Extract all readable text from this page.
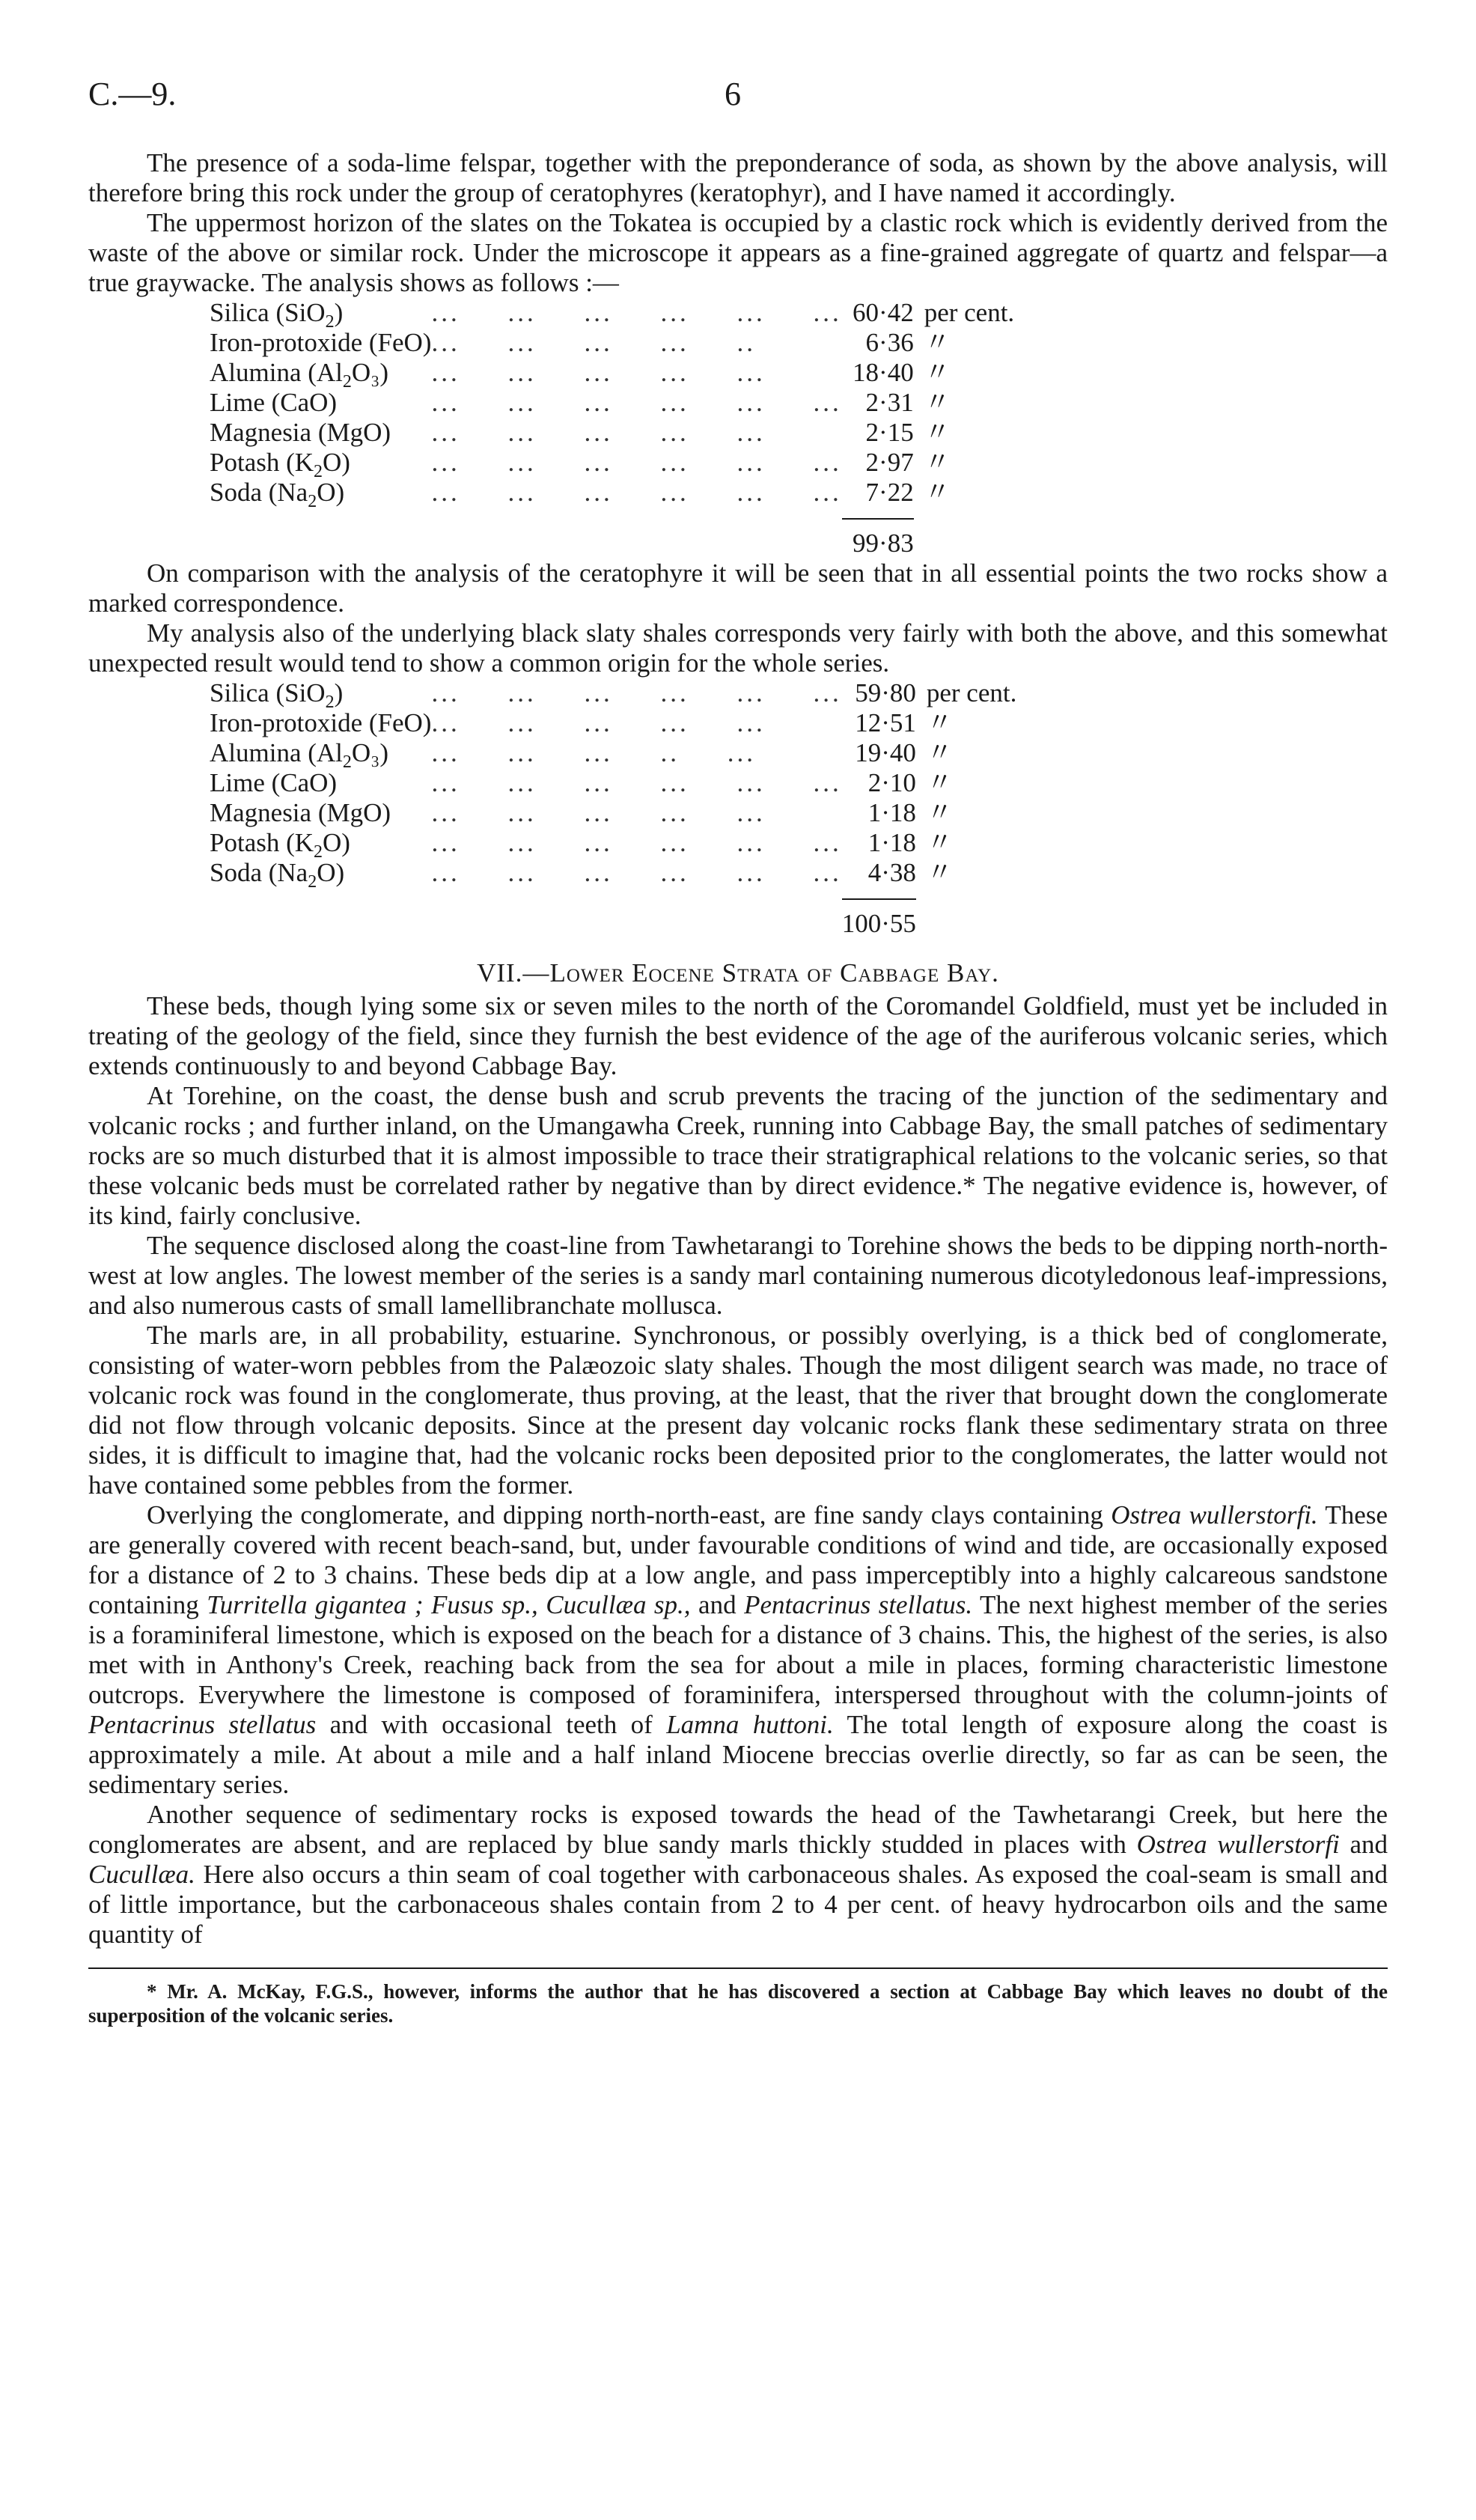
C.—9.	6

The presence of a soda-lime felspar, together with the preponderance of soda, as shown by the above analysis, will therefore bring this rock under the group of ceratophyres (keratophyr), and I have named it accordingly.

The uppermost horizon of the slates on the Tokatea is occupied by a clastic rock which is evidently derived from the waste of the above or similar rock. Under the microscope it appears as a fine-grained aggregate of quartz and felspar—a true graywacke. The analysis shows as follows :—

Silica (SiO$_2$)	...     ...     ...     ...     ...     ...	60·42	per cent.
Iron-protoxide (FeO)	...     ...     ...     ...     ..	6·36	〃
Alumina $(Al_2O_3)$	...     ...     ...     ...     ...	18·40	〃
Lime (CaO)	...     ...     ...     ...     ...     ...	2·31	〃
Magnesia (MgO)	...     ...     ...     ...     ...	2·15	〃
Potash $(K_2O)$	...     ...     ...     ...     ...     ...	2·97	〃
Soda $(Na_2O)$	...     ...     ...     ...     ...     ...	7·22	〃
		99·83	

On comparison with the analysis of the ceratophyre it will be seen that in all essential points the two rocks show a marked correspondence.

My analysis also of the underlying black slaty shales corresponds very fairly with both the above, and this somewhat unexpected result would tend to show a common origin for the whole series.

Silica (SiO$_2$)	...     ...     ...     ...     ...     ...	59·80	per cent.
Iron-protoxide (FeO)	...     ...     ...     ...     ...	12·51	〃
Alumina $(Al_2O_3)$	...     ...     ...     ..     ...	19·40	〃
Lime (CaO)	...     ...     ...     ...     ...     ...	2·10	〃
Magnesia (MgO)	...     ...     ...     ...     ...	1·18	〃
Potash $(K_2O)$	...     ...     ...     ...     ...     ...	1·18	〃
Soda $(Na_2O)$	...     ...     ...     ...     ...     ...	4·38	〃
		100·55	
VII.—Lower Eocene Strata of Cabbage Bay.

These beds, though lying some six or seven miles to the north of the Coromandel Goldfield, must yet be included in treating of the geology of the field, since they furnish the best evidence of the age of the auriferous volcanic series, which extends continuously to and beyond Cabbage Bay.

At Torehine, on the coast, the dense bush and scrub prevents the tracing of the junction of the sedimentary and volcanic rocks ; and further inland, on the Umangawha Creek, running into Cabbage Bay, the small patches of sedimentary rocks are so much disturbed that it is almost impossible to trace their stratigraphical relations to the volcanic series, so that these volcanic beds must be correlated rather by negative than by direct evidence.* The negative evidence is, however, of its kind, fairly conclusive.

The sequence disclosed along the coast-line from Tawhetarangi to Torehine shows the beds to be dipping north-north-west at low angles. The lowest member of the series is a sandy marl containing numerous dicotyledonous leaf-impressions, and also numerous casts of small lamellibranchate mollusca.

The marls are, in all probability, estuarine. Synchronous, or possibly overlying, is a thick bed of conglomerate, consisting of water-worn pebbles from the Palæozoic slaty shales. Though the most diligent search was made, no trace of volcanic rock was found in the conglomerate, thus proving, at the least, that the river that brought down the conglomerate did not flow through volcanic deposits. Since at the present day volcanic rocks flank these sedimentary strata on three sides, it is difficult to imagine that, had the volcanic rocks been deposited prior to the conglomerates, the latter would not have contained some pebbles from the former.

Overlying the conglomerate, and dipping north-north-east, are fine sandy clays containing Ostrea wullerstorfi. These are generally covered with recent beach-sand, but, under favourable conditions of wind and tide, are occasionally exposed for a distance of 2 to 3 chains. These beds dip at a low angle, and pass imperceptibly into a highly calcareous sandstone containing Turritella gigantea ; Fusus sp., Cucullæa sp., and Pentacrinus stellatus. The next highest member of the series is a foraminiferal limestone, which is exposed on the beach for a distance of 3 chains. This, the highest of the series, is also met with in Anthony's Creek, reaching back from the sea for about a mile in places, forming characteristic limestone outcrops. Everywhere the limestone is composed of foraminifera, interspersed throughout with the column-joints of Pentacrinus stellatus and with occasional teeth of Lamna huttoni. The total length of exposure along the coast is approximately a mile. At about a mile and a half inland Miocene breccias overlie directly, so far as can be seen, the sedimentary series.

Another sequence of sedimentary rocks is exposed towards the head of the Tawhetarangi Creek, but here the conglomerates are absent, and are replaced by blue sandy marls thickly studded in places with Ostrea wullerstorfi and Cucullæa. Here also occurs a thin seam of coal together with carbonaceous shales. As exposed the coal-seam is small and of little importance, but the carbonaceous shales contain from 2 to 4 per cent. of heavy hydrocarbon oils and the same quantity of

* Mr. A. McKay, F.G.S., however, informs the author that he has discovered a section at Cabbage Bay which leaves no doubt of the superposition of the volcanic series.
